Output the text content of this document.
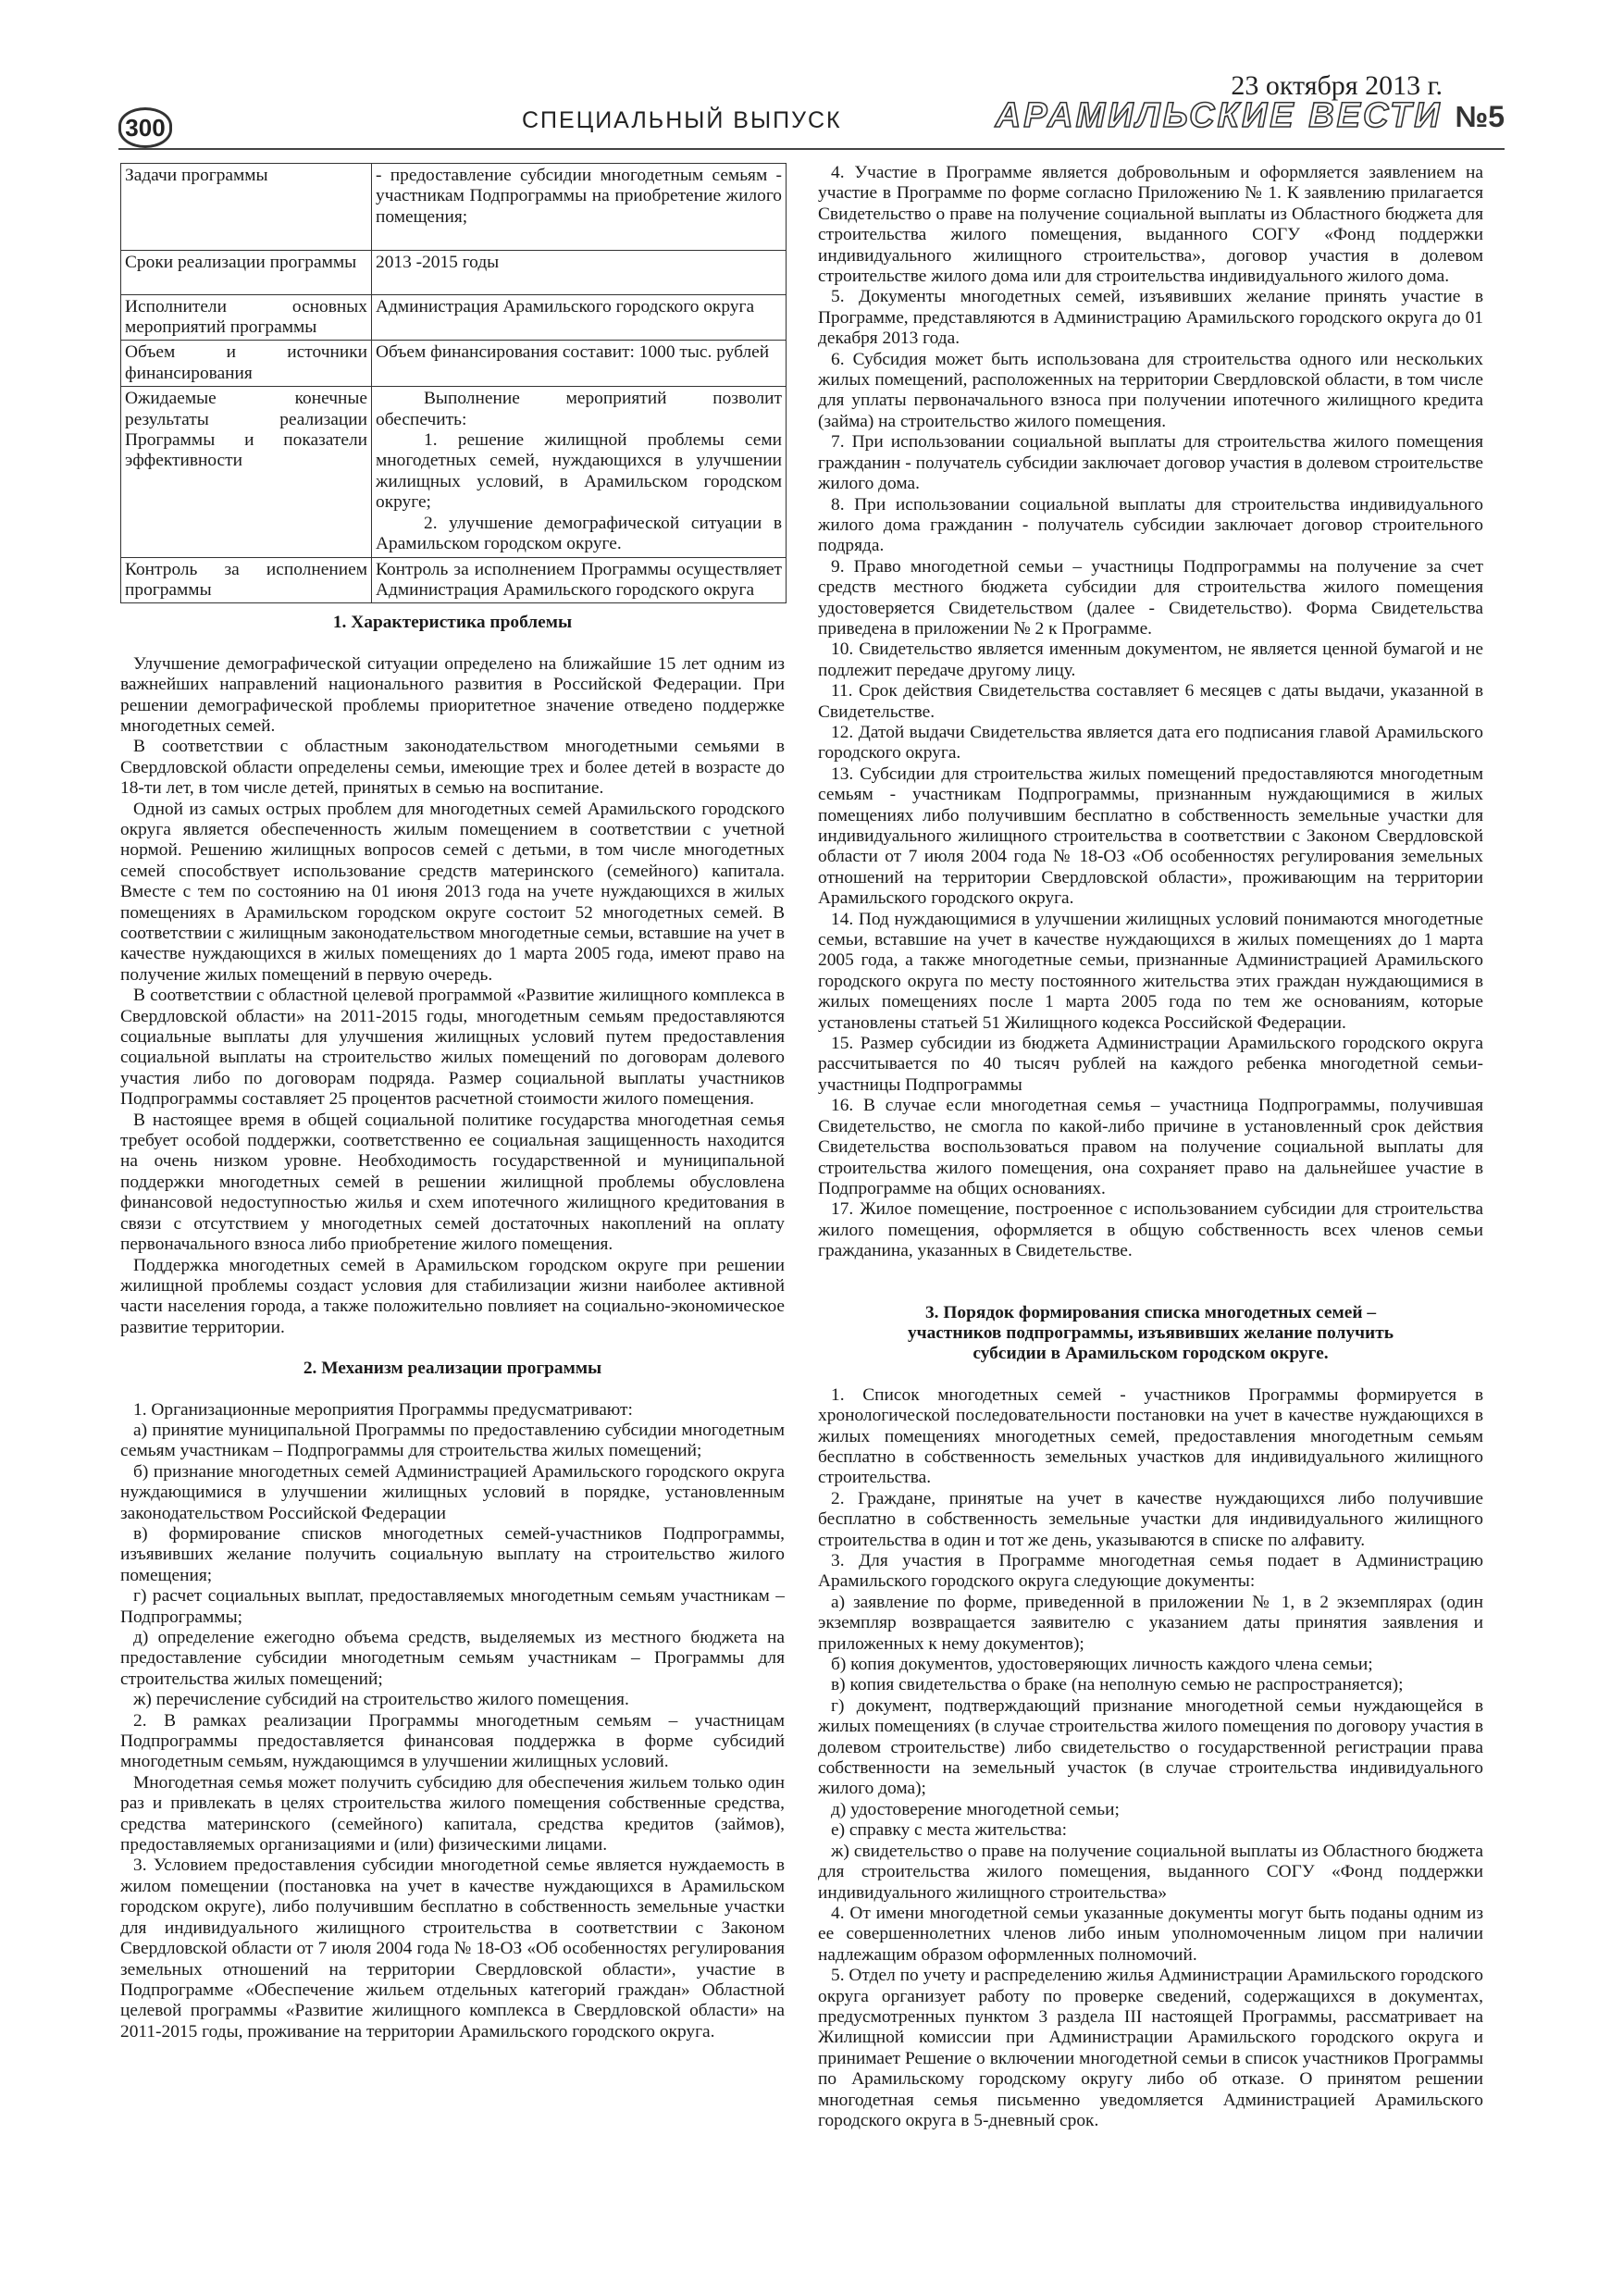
300	СПЕЦИАЛЬНЫЙ ВЫПУСК
23 октября 2013 г.
АРАМИЛЬСКИЕ ВЕСТИ №5
Задачи программы	- предоставление субсидии многодетным семьям - участникам Подпрограммы на приобретение жилого помещения;

Сроки реализации программы	2013 -2015 годы
Исполнители основных мероприятий программы	Администрация Арамильского городского округа
Объем и источники финансирования	Объем финансирования составит: 1000 тыс. рублей
Ожидаемые конечные результаты реализации Программы и показатели эффективности	Выполнение мероприятий позволит обеспечить:
1. решение жилищной проблемы семи многодетных семей, нуждающихся в улучшении жилищных условий, в Арамильском городском округе;
2. улучшение демографической ситуации в Арамильском городском округе.

Контроль за исполнением программы	Контроль за исполнением Программы осуществляет Администрация Арамильского городского округа
1. Характеристика проблемы

Улучшение демографической ситуации определено на ближайшие 15 лет одним из важнейших направлений национального развития в Российской Федерации. При решении демографической проблемы приоритетное значение отведено поддержке многодетных семей.

В соответствии с областным законодательством многодетными семьями в Свердловской области определены семьи, имеющие трех и более детей в возрасте до 18-ти лет, в том числе детей, принятых в семью на воспитание.

Одной из самых острых проблем для многодетных семей Арамильского городского округа является обеспеченность жилым помещением в соответствии с учетной нормой. Решению жилищных вопросов семей с детьми, в том числе многодетных семей способствует использование средств материнского (семейного) капитала. Вместе с тем по состоянию на 01 июня 2013 года на учете нуждающихся в жилых помещениях в Арамильском городском округе состоит 52 многодетных семей. В соответствии с жилищным законодательством многодетные семьи, вставшие на учет в качестве нуждающихся в жилых помещениях до 1 марта 2005 года, имеют право на получение жилых помещений в первую очередь.

В соответствии с областной целевой программой «Развитие жилищного комплекса в Свердловской области» на 2011-2015 годы, многодетным семьям предоставляются социальные выплаты для улучшения жилищных условий путем предоставления социальной выплаты на строительство жилых помещений по договорам долевого участия либо по договорам подряда. Размер социальной выплаты участников Подпрограммы составляет 25 процентов расчетной стоимости жилого помещения.

В настоящее время в общей социальной политике государства многодетная семья требует особой поддержки, соответственно ее социальная защищенность находится на очень низком уровне. Необходимость государственной и муниципальной поддержки многодетных семей в решении жилищной проблемы обусловлена финансовой недоступностью жилья и схем ипотечного жилищного кредитования в связи с отсутствием у многодетных семей достаточных накоплений на оплату первоначального взноса либо приобретение жилого помещения.

Поддержка многодетных семей в Арамильском городском округе при решении жилищной проблемы создаст условия для стабилизации жизни наиболее активной части населения города, а также положительно повлияет на социально-экономическое развитие территории.

2. Механизм реализации программы

1. Организационные мероприятия Программы предусматривают:

а) принятие муниципальной Программы по предоставлению субсидии многодетным семьям участникам – Подпрограммы для строительства жилых помещений;

б) признание многодетных семей Администрацией Арамильского городского округа нуждающимися в улучшении жилищных условий в порядке, установленным законодательством Российской Федерации

в) формирование списков многодетных семей-участников Подпрограммы, изъявивших желание получить социальную выплату на строительство жилого помещения;

г) расчет социальных выплат, предоставляемых многодетным семьям участникам – Подпрограммы;

д) определение ежегодно объема средств, выделяемых из местного бюджета на предоставление субсидии многодетным семьям участникам – Программы для строительства жилых помещений;

ж) перечисление субсидий на строительство жилого помещения.

2. В рамках реализации Программы многодетным семьям – участницам Подпрограммы предоставляется финансовая поддержка в форме субсидий многодетным семьям, нуждающимся в улучшении жилищных условий.

Многодетная семья может получить субсидию для обеспечения жильем только один раз и привлекать в целях строительства жилого помещения собственные средства, средства материнского (семейного) капитала, средства кредитов (займов), предоставляемых организациями и (или) физическими лицами.

3. Условием предоставления субсидии многодетной семье является нуждаемость в жилом помещении (постановка на учет в качестве нуждающихся в Арамильском городском округе), либо получившим бесплатно в собственность земельные участки для индивидуального жилищного строительства в соответствии с Законом Свердловской области от 7 июля 2004 года № 18-ОЗ «Об особенностях регулирования земельных отношений на территории Свердловской области», участие в Подпрограмме «Обеспечение жильем отдельных категорий граждан» Областной целевой программы «Развитие жилищного комплекса в Свердловской области» на 2011-2015 годы, проживание на территории Арамильского городского округа.

4. Участие в Программе является добровольным и оформляется заявлением на участие в Программе по форме согласно Приложению № 1. К заявлению прилагается Свидетельство о праве на получение социальной выплаты из Областного бюджета для строительства жилого помещения, выданного СОГУ «Фонд поддержки индивидуального жилищного строительства», договор участия в долевом строительстве жилого дома или для строительства индивидуального жилого дома.

5. Документы многодетных семей, изъявивших желание принять участие в Программе, представляются в Администрацию Арамильского городского округа до 01 декабря 2013 года.

6. Субсидия может быть использована для строительства одного или нескольких жилых помещений, расположенных на территории Свердловской области, в том числе для уплаты первоначального взноса при получении ипотечного жилищного кредита (займа) на строительство жилого помещения.

7. При использовании социальной выплаты для строительства жилого помещения гражданин - получатель субсидии заключает договор участия в долевом строительстве жилого дома.

8. При использовании социальной выплаты для строительства индивидуального жилого дома гражданин - получатель субсидии заключает договор строительного подряда.

9. Право многодетной семьи – участницы Подпрограммы на получение за счет средств местного бюджета субсидии для строительства жилого помещения удостоверяется Свидетельством (далее - Свидетельство). Форма Свидетельства приведена в приложении № 2 к Программе.

10. Свидетельство является именным документом, не является ценной бумагой и не подлежит передаче другому лицу.

11. Срок действия Свидетельства составляет 6 месяцев с даты выдачи, указанной в Свидетельстве.

12. Датой выдачи Свидетельства является дата его подписания главой Арамильского городского округа.

13. Субсидии для строительства жилых помещений предоставляются многодетным семьям - участникам Подпрограммы, признанным нуждающимися в жилых помещениях либо получившим бесплатно в собственность земельные участки для индивидуального жилищного строительства в соответствии с Законом Свердловской области от 7 июля 2004 года № 18-ОЗ «Об особенностях регулирования земельных отношений на территории Свердловской области», проживающим на территории Арамильского городского округа.

14. Под нуждающимися в улучшении жилищных условий понимаются многодетные семьи, вставшие на учет в качестве нуждающихся в жилых помещениях до 1 марта 2005 года, а также многодетные семьи, признанные Администрацией Арамильского городского округа по месту постоянного жительства этих граждан нуждающимися в жилых помещениях после 1 марта 2005 года по тем же основаниям, которые установлены статьей 51 Жилищного кодекса Российской Федерации.

15. Размер субсидии из бюджета Администрации Арамильского городского округа рассчитывается по 40 тысяч рублей на каждого ребенка многодетной семьи-участницы Подпрограммы

16. В случае если многодетная семья – участница Подпрограммы, получившая Свидетельство, не смогла по какой-либо причине в установленный срок действия Свидетельства воспользоваться правом на получение социальной выплаты для строительства жилого помещения, она сохраняет право на дальнейшее участие в Подпрограмме на общих основаниях.

17. Жилое помещение, построенное с использованием субсидии для строительства жилого помещения, оформляется в общую собственность всех членов семьи гражданина, указанных в Свидетельстве.

3. Порядок формирования списка многодетных семей – участников подпрограммы, изъявивших желание получить субсидии в Арамильском городском округе.

1. Список многодетных семей - участников Программы формируется в хронологической последовательности постановки на учет в качестве нуждающихся в жилых помещениях многодетных семей, предоставления многодетным семьям бесплатно в собственность земельных участков для индивидуального жилищного строительства.

2. Граждане, принятые на учет в качестве нуждающихся либо получившие бесплатно в собственность земельные участки для индивидуального жилищного строительства в один и тот же день, указываются в списке по алфавиту.

3. Для участия в Программе многодетная семья подает в Администрацию Арамильского городского округа следующие документы:

а) заявление по форме, приведенной в приложении № 1, в 2 экземплярах (один экземпляр возвращается заявителю с указанием даты принятия заявления и приложенных к нему документов);

б) копия документов, удостоверяющих личность каждого члена семьи;

в) копия свидетельства о браке (на неполную семью не распространяется);

г) документ, подтверждающий признание многодетной семьи нуждающейся в жилых помещениях (в случае строительства жилого помещения по договору участия в долевом строительстве) либо свидетельство о государственной регистрации права собственности на земельный участок (в случае строительства индивидуального жилого дома);

д) удостоверение многодетной семьи;

е) справку с места жительства:

ж) свидетельство о праве на получение социальной выплаты из Областного бюджета для строительства жилого помещения, выданного СОГУ «Фонд поддержки индивидуального жилищного строительства»

4. От имени многодетной семьи указанные документы могут быть поданы одним из ее совершеннолетних членов либо иным уполномоченным лицом при наличии надлежащим образом оформленных полномочий.

5. Отдел по учету и распределению жилья Администрации Арамильского городского округа организует работу по проверке сведений, содержащихся в документах, предусмотренных пунктом 3 раздела III настоящей Программы, рассматривает на Жилищной комиссии при Администрации Арамильского городского округа и принимает Решение о включении многодетной семьи в список участников Программы по Арамильскому городскому округу либо об отказе. О принятом решении многодетная семья письменно уведомляется Администрацией Арамильского городского округа в 5-дневный срок.
